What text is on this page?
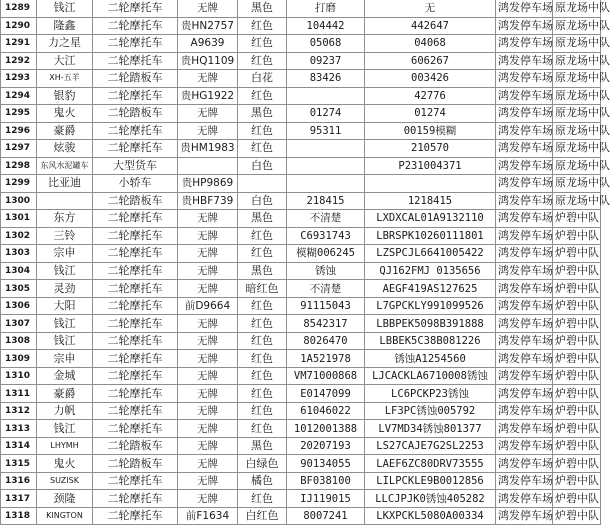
1289	钱江	二轮摩托车	无牌	黑色	打磨	无	鸿发停车场	原龙场中队
1290	隆鑫	二轮摩托车	贵HN2757	红色	104442	442647	鸿发停车场	原龙场中队
1291	力之星	二轮摩托车	A9639	红色	05068	04068	鸿发停车场	原龙场中队
1292	大江	二轮摩托车	贵HQ1109	红色	09237	606267	鸿发停车场	原龙场中队
1293	XH-五羊	二轮踏板车	无牌	白花	83426	003426	鸿发停车场	原龙场中队
1294	银豹	二轮摩托车	贵HG1922	红色		42776	鸿发停车场	原龙场中队
1295	鬼火	二轮踏板车	无牌	黑色	01274	01274	鸿发停车场	原龙场中队
1296	豪爵	二轮摩托车	无牌	红色	95311	00159模糊	鸿发停车场	原龙场中队
1297	炫骏	二轮摩托车	贵HM1983	红色		210570	鸿发停车场	原龙场中队
1298	东风水泥罐车	大型货车		白色		P231004371	鸿发停车场	原龙场中队
1299	比亚迪	小轿车	贵HP9869				鸿发停车场	原龙场中队
1300		二轮踏板车	贵HBF739	白色	218415	1218415	鸿发停车场	原龙场中队
1301	东方	二轮摩托车	无牌	黑色	不清楚	LXDXCAL01A9132110	鸿发停车场	炉碧中队
1302	三铃	二轮摩托车	无牌	红色	C6931743	LBRSPK10260111801	鸿发停车场	炉碧中队
1303	宗申	二轮摩托车	无牌	红色	模糊006245	LZSPCJL6641005422	鸿发停车场	炉碧中队
1304	钱江	二轮摩托车	无牌	黑色	锈蚀	QJ162FMJ 0135656	鸿发停车场	炉碧中队
1305	灵劲	二轮摩托车	无牌	暗红色	不清楚	AEGF419AS127625	鸿发停车场	炉碧中队
1306	大阳	二轮摩托车	前D9664	红色	91115043	L7GPCKLY991099526	鸿发停车场	炉碧中队
1307	钱江	二轮摩托车	无牌	红色	8542317	LBBPEK5098B391888	鸿发停车场	炉碧中队
1308	钱江	二轮摩托车	无牌	红色	8026470	LBBEK5C38B081226	鸿发停车场	炉碧中队
1309	宗申	二轮摩托车	无牌	红色	1A521978	锈蚀A1254560	鸿发停车场	炉碧中队
1310	金城	二轮摩托车	无牌	红色	VM71000868	LJCACKLA6710008锈蚀	鸿发停车场	炉碧中队
1311	豪爵	二轮摩托车	无牌	红色	E0147099	LC6PCKP23锈蚀	鸿发停车场	炉碧中队
1312	力帆	二轮摩托车	无牌	红色	61046022	LF3PC锈蚀005792	鸿发停车场	炉碧中队
1313	钱江	二轮摩托车	无牌	红色	1012001388	LV7MD34锈蚀801377	鸿发停车场	炉碧中队
1314	LHYMH	二轮踏板车	无牌	黑色	20207193	LS27CAJE7G2SL2253	鸿发停车场	炉碧中队
1315	鬼火	二轮踏板车	无牌	白绿色	90134055	LAEF6ZC80DRV73555	鸿发停车场	炉碧中队
1316	SUZISK	二轮摩托车	无牌	橘色	BF038100	LILPCKLE9B0012856	鸿发停车场	炉碧中队
1317	颈隆	二轮摩托车	无牌	红色	IJ119015	LLCJPJK0锈蚀405282	鸿发停车场	炉碧中队
1318	KINGTON	二轮摩托车	前F1634	白红色	8007241	LKXPCKL5080A00334	鸿发停车场	炉碧中队
